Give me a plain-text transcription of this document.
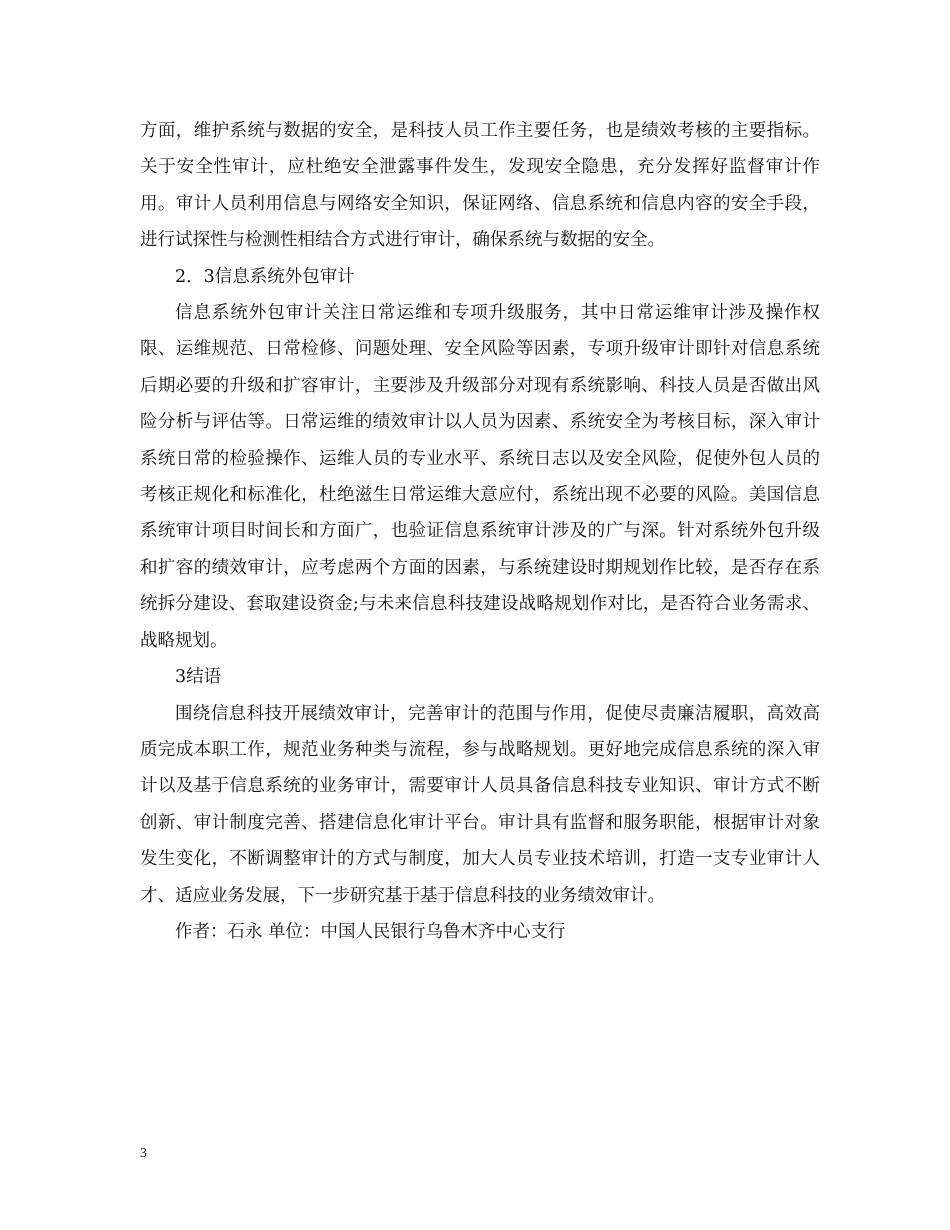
方面，维护系统与数据的安全，是科技人员工作主要任务，也是绩效考核的主要指标。关于安全性审计，应杜绝安全泄露事件发生，发现安全隐患，充分发挥好监督审计作用。审计人员利用信息与网络安全知识，保证网络、信息系统和信息内容的安全手段，进行试探性与检测性相结合方式进行审计，确保系统与数据的安全。

2．3信息系统外包审计

信息系统外包审计关注日常运维和专项升级服务，其中日常运维审计涉及操作权限、运维规范、日常检修、问题处理、安全风险等因素，专项升级审计即针对信息系统后期必要的升级和扩容审计，主要涉及升级部分对现有系统影响、科技人员是否做出风险分析与评估等。日常运维的绩效审计以人员为因素、系统安全为考核目标，深入审计系统日常的检验操作、运维人员的专业水平、系统日志以及安全风险，促使外包人员的考核正规化和标准化，杜绝滋生日常运维大意应付，系统出现不必要的风险。美国信息系统审计项目时间长和方面广，也验证信息系统审计涉及的广与深。针对系统外包升级和扩容的绩效审计，应考虑两个方面的因素，与系统建设时期规划作比较，是否存在系统拆分建设、套取建设资金;与未来信息科技建设战略规划作对比，是否符合业务需求、战略规划。

3结语

围绕信息科技开展绩效审计，完善审计的范围与作用，促使尽责廉洁履职，高效高质完成本职工作，规范业务种类与流程，参与战略规划。更好地完成信息系统的深入审计以及基于信息系统的业务审计，需要审计人员具备信息科技专业知识、审计方式不断创新、审计制度完善、搭建信息化审计平台。审计具有监督和服务职能，根据审计对象发生变化，不断调整审计的方式与制度，加大人员专业技术培训，打造一支专业审计人才、适应业务发展，下一步研究基于基于信息科技的业务绩效审计。

作者：石永 单位：中国人民银行乌鲁木齐中心支行

3
